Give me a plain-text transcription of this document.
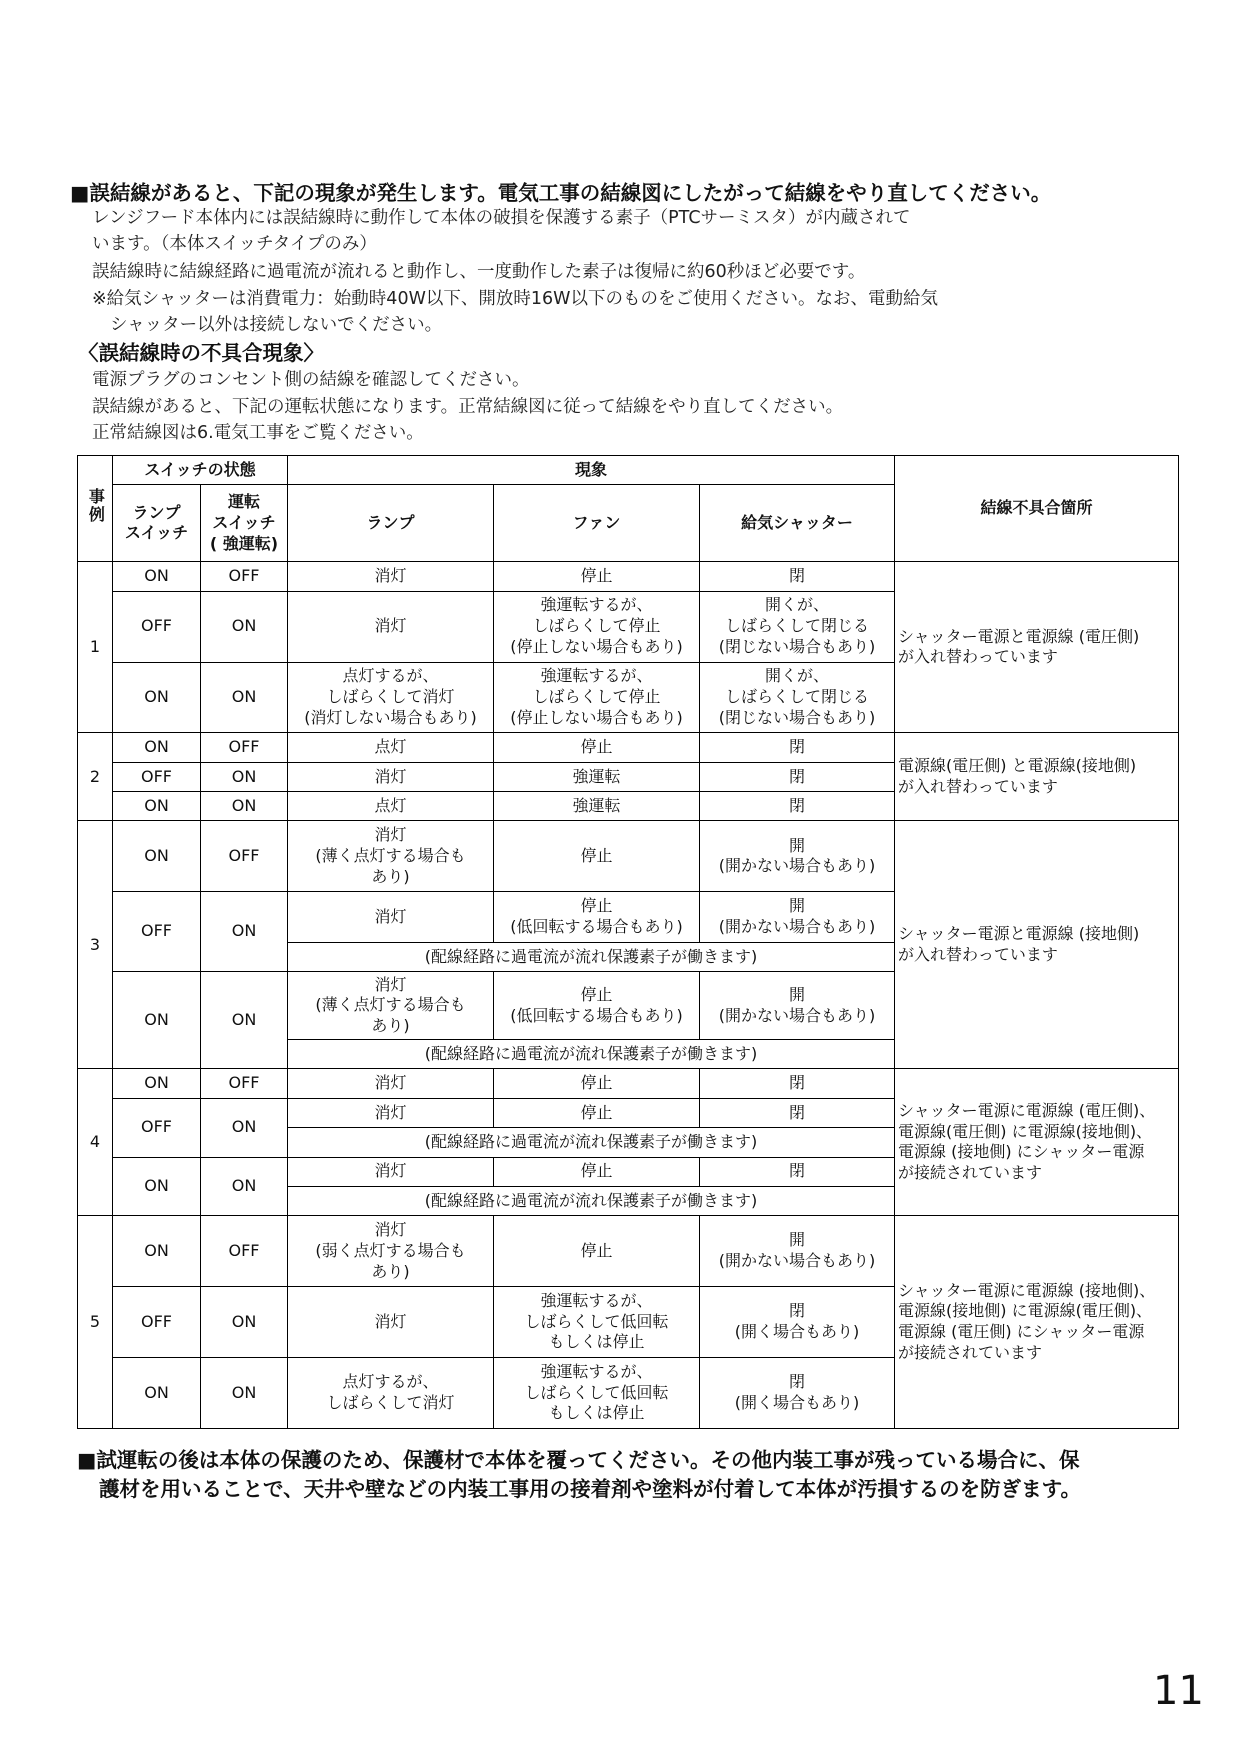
■誤結線があると、下記の現象が発生します。電気工事の結線図にしたがって結線をやり直してください。
レンジフード本体内には誤結線時に動作して本体の破損を保護する素子（PTCサーミスタ）が内蔵されて
います。（本体スイッチタイプのみ）
誤結線時に結線経路に過電流が流れると動作し、一度動作した素子は復帰に約60秒ほど必要です。
※給気シャッターは消費電力：始動時40W以下、開放時16W以下のものをご使用ください。なお、電動給気
シャッター以外は接続しないでください。
〈誤結線時の不具合現象〉
電源プラグのコンセント側の結線を確認してください。
誤結線があると、下記の運転状態になります。正常結線図に従って結線をやり直してください。
正常結線図は6.電気工事をご覧ください。
事例	スイッチの状態		現象			結線不具合箇所
	ランプ
スイッチ	運転
スイッチ
( 強運転)	ランプ	ファン	給気シャッター	
1	ON	OFF	消灯	停止	閉	シャッター電源と電源線 (電圧側)
が入れ替わっています
	OFF	ON	消灯	強運転するが、
しばらくして停止
(停止しない場合もあり)	開くが、
しばらくして閉じる
(閉じない場合もあり)	
	ON	ON	点灯するが、
しばらくして消灯
(消灯しない場合もあり)	強運転するが、
しばらくして停止
(停止しない場合もあり)	開くが、
しばらくして閉じる
(閉じない場合もあり)	
2	ON	OFF	点灯	停止	閉	電源線(電圧側) と電源線(接地側)
が入れ替わっています
	OFF	ON	消灯	強運転	閉	
	ON	ON	点灯	強運転	閉	
3	ON	OFF	消灯
(薄く点灯する場合も
あり)	停止	開
(開かない場合もあり)	シャッター電源と電源線 (接地側)
が入れ替わっています
	OFF	ON	消灯	停止
(低回転する場合もあり)	開
(開かない場合もあり)	
			(配線経路に過電流が流れ保護素子が働きます)			
	ON	ON	消灯
(薄く点灯する場合も
あり)	停止
(低回転する場合もあり)	開
(開かない場合もあり)	
			(配線経路に過電流が流れ保護素子が働きます)			
4	ON	OFF	消灯	停止	閉	シャッター電源に電源線 (電圧側)、
電源線(電圧側) に電源線(接地側)、
電源線 (接地側) にシャッター電源
が接続されています
	OFF	ON	消灯	停止	閉	
			(配線経路に過電流が流れ保護素子が働きます)			
	ON	ON	消灯	停止	閉	
			(配線経路に過電流が流れ保護素子が働きます)			
5	ON	OFF	消灯
(弱く点灯する場合も
あり)	停止	開
(開かない場合もあり)	シャッター電源に電源線 (接地側)、
電源線(接地側) に電源線(電圧側)、
電源線 (電圧側) にシャッター電源
が接続されています
	OFF	ON	消灯	強運転するが、
しばらくして低回転
もしくは停止	閉
(開く場合もあり)	
	ON	ON	点灯するが、
しばらくして消灯	強運転するが、
しばらくして低回転
もしくは停止	閉
(開く場合もあり)	
■試運転の後は本体の保護のため、保護材で本体を覆ってください。その他内装工事が残っている場合に、保
護材を用いることで、天井や壁などの内装工事用の接着剤や塗料が付着して本体が汚損するのを防ぎます。
11
